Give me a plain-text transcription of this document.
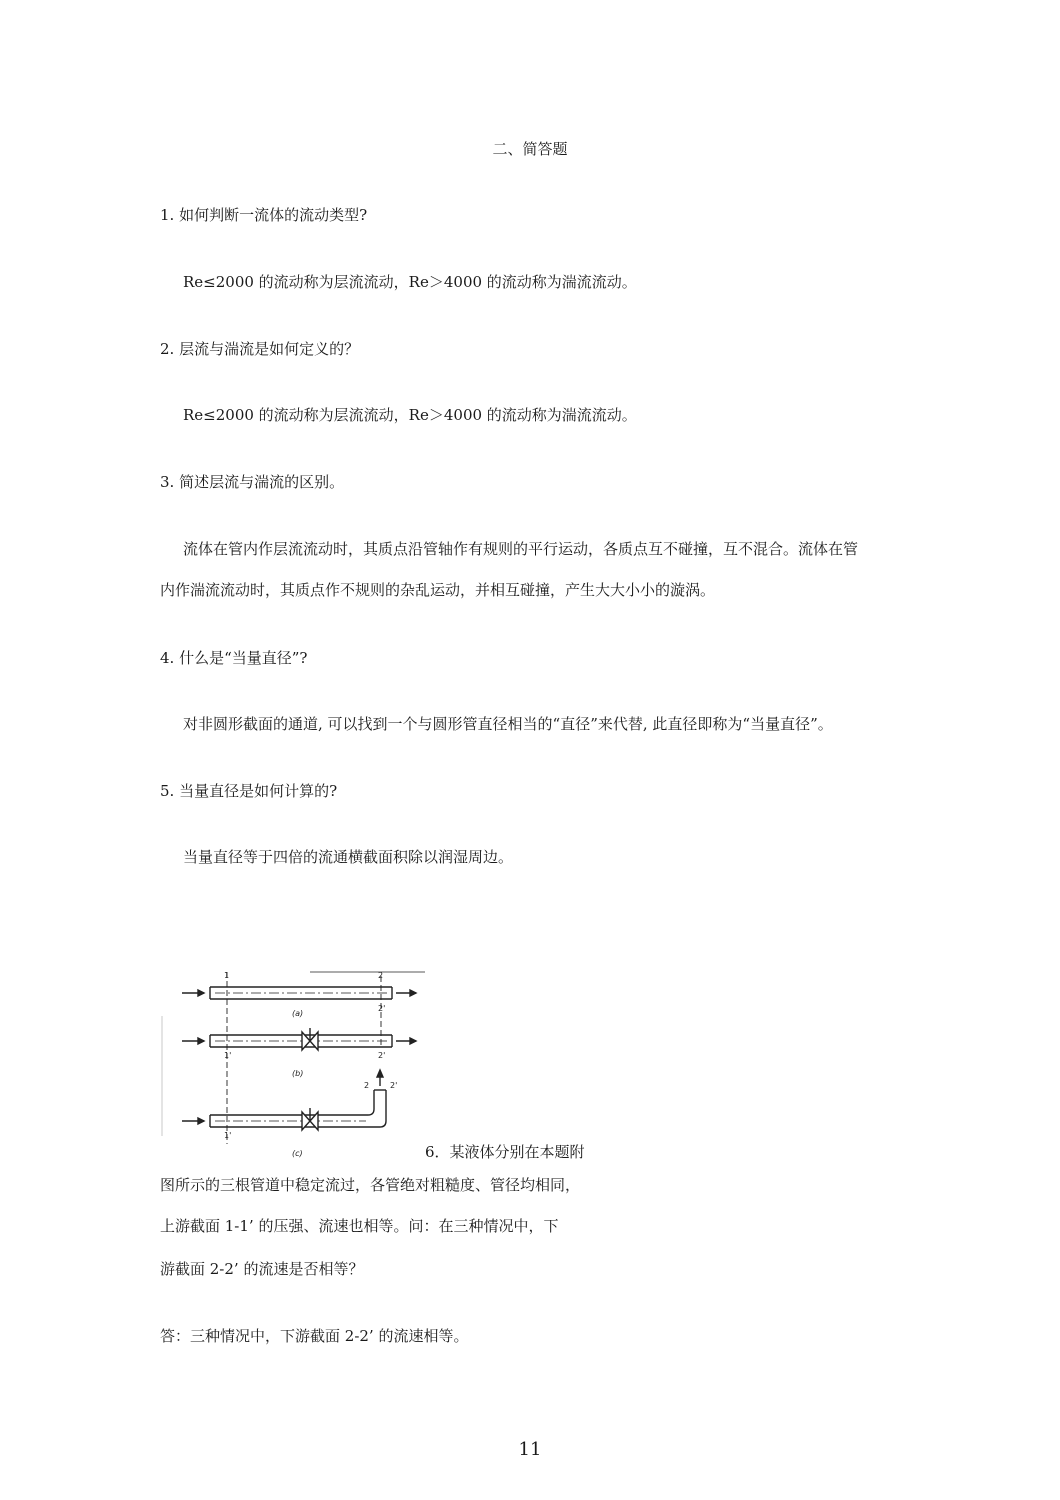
二、简答题
1. 如何判断一流体的流动类型?
Re≤2000 的流动称为层流流动，Re＞4000 的流动称为湍流流动。
2. 层流与湍流是如何定义的？
Re≤2000 的流动称为层流流动，Re＞4000 的流动称为湍流流动。
3. 简述层流与湍流的区别。
流体在管内作层流流动时，其质点沿管轴作有规则的平行运动，各质点互不碰撞，互不混合。流体在管
内作湍流流动时，其质点作不规则的杂乱运动，并相互碰撞，产生大大小小的漩涡。
4. 什么是“当量直径”?
对非圆形截面的通道, 可以找到一个与圆形管直径相当的“直径”来代替, 此直径即称为“当量直径”。
5. 当量直径是如何计算的?
当量直径等于四倍的流通横截面积除以润湿周边。
1	2
2'
(a)
1'	2'
(b)
2	2'
1'
(c)	6．某液体分别在本题附
图所示的三根管道中稳定流过，各管绝对粗糙度、管径均相同，
上游截面 1-1’ 的压强、流速也相等。问：在三种情况中，下
游截面 2-2’ 的流速是否相等？
答：三种情况中，下游截面 2-2’ 的流速相等。
11
